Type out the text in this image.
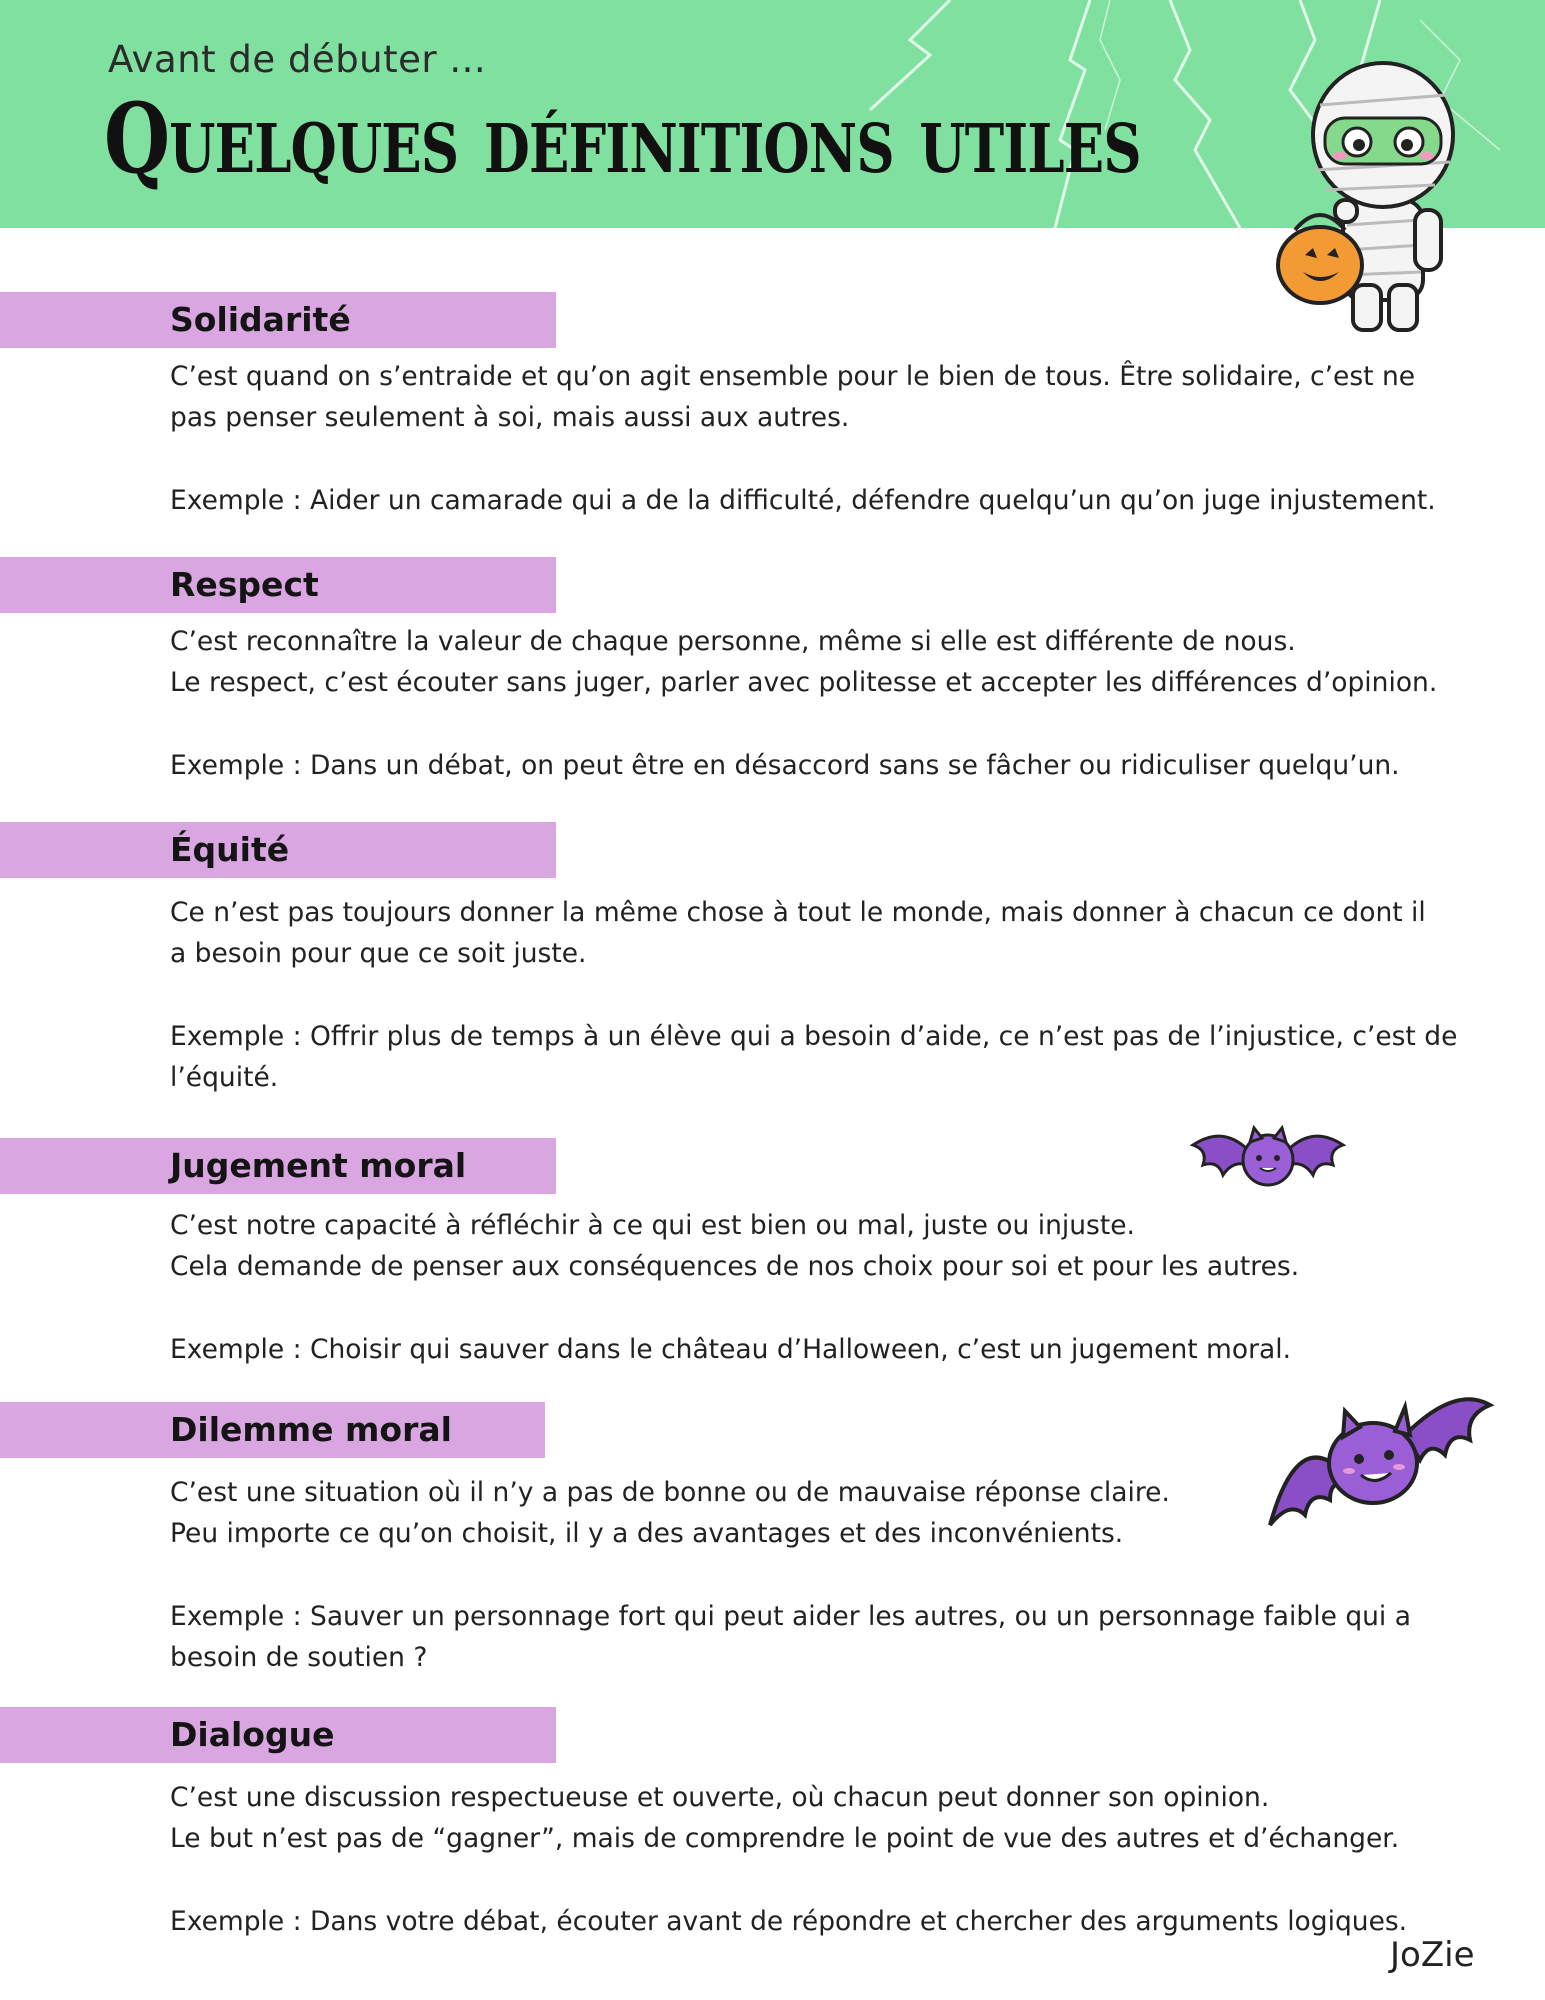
Avant de débuter ...
Quelques définitions utiles
Solidarité
C’est quand on s’entraide et qu’on agit ensemble pour le bien de tous. Être solidaire, c’est ne
pas penser seulement à soi, mais aussi aux autres.
Exemple : Aider un camarade qui a de la difficulté, défendre quelqu’un qu’on juge injustement.
Respect
C’est reconnaître la valeur de chaque personne, même si elle est différente de nous.
Le respect, c’est écouter sans juger, parler avec politesse et accepter les différences d’opinion.
Exemple : Dans un débat, on peut être en désaccord sans se fâcher ou ridiculiser quelqu’un.
Équité
Ce n’est pas toujours donner la même chose à tout le monde, mais donner à chacun ce dont il
a besoin pour que ce soit juste.
Exemple : Offrir plus de temps à un élève qui a besoin d’aide, ce n’est pas de l’injustice, c’est de
l’équité.
Jugement moral
C’est notre capacité à réfléchir à ce qui est bien ou mal, juste ou injuste.
Cela demande de penser aux conséquences de nos choix pour soi et pour les autres.
Exemple : Choisir qui sauver dans le château d’Halloween, c’est un jugement moral.
Dilemme moral
C’est une situation où il n’y a pas de bonne ou de mauvaise réponse claire.
Peu importe ce qu’on choisit, il y a des avantages et des inconvénients.
Exemple : Sauver un personnage fort qui peut aider les autres, ou un personnage faible qui a
besoin de soutien ?
Dialogue
C’est une discussion respectueuse et ouverte, où chacun peut donner son opinion.
Le but n’est pas de “gagner”, mais de comprendre le point de vue des autres et d’échanger.
Exemple : Dans votre débat, écouter avant de répondre et chercher des arguments logiques.
JoZie
